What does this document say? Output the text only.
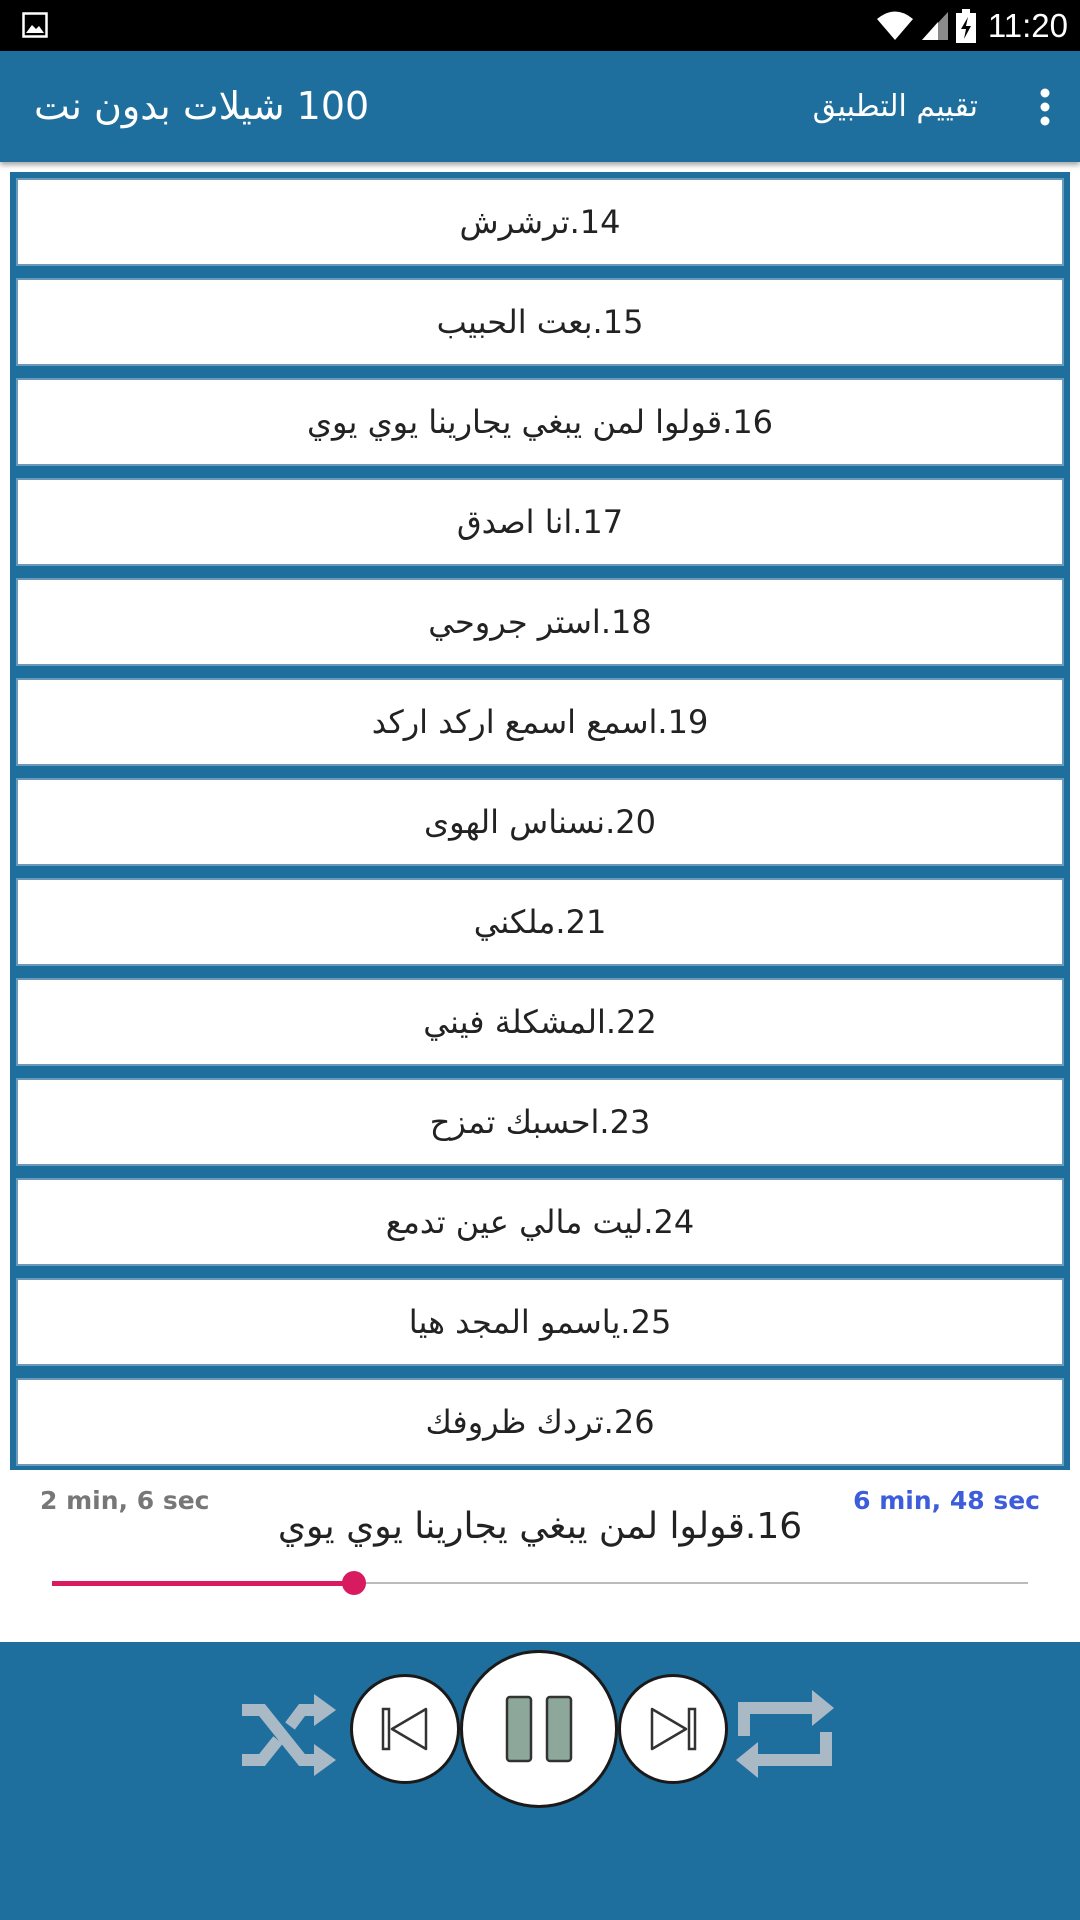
11:20
100 شيلات بدون نت	تقييم التطبيق
14.ترشرش
15.بعت الحبيب
16.قولوا لمن يبغي يجارينا يوي يوي
17.انا اصدق
18.استر جروحي
19.اسمع اسمع اركد اركد
20.نسناس الهوى
21.ملكني
22.المشكلة فيني
23.احسبك تمزح
24.ليت مالي عين تدمع
25.ياسمو المجد هيا
26.تردك ظروفك
2 min, 6 sec	6 min, 48 sec
16.قولوا لمن يبغي يجارينا يوي يوي
